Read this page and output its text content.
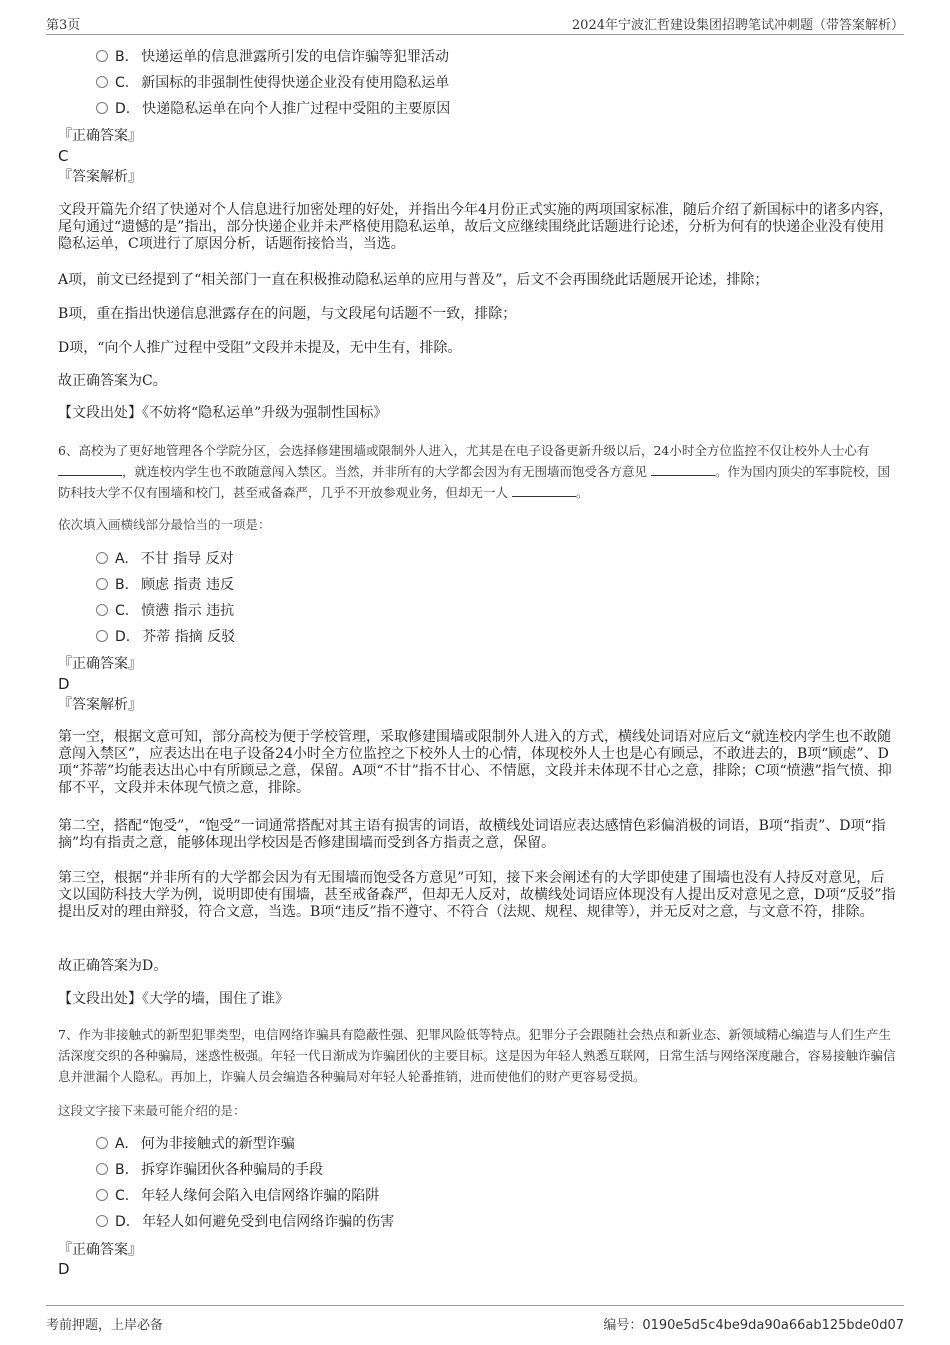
第3页	2024年宁波汇哲建设集团招聘笔试冲刺题（带答案解析）
B. 快递运单的信息泄露所引发的电信诈骗等犯罪活动
C. 新国标的非强制性使得快递企业没有使用隐私运单
D. 快递隐私运单在向个人推广过程中受阻的主要原因
『正确答案』
C
『答案解析』

文段开篇先介绍了快递对个人信息进行加密处理的好处，并指出今年4月份正式实施的两项国家标准，随后介绍了新国标中的诸多内容，尾句通过“遗憾的是”指出，部分快递企业并未严格使用隐私运单，故后文应继续围绕此话题进行论述，分析为何有的快递企业没有使用隐私运单，C项进行了原因分析，话题衔接恰当，当选。

A项，前文已经提到了“相关部门一直在积极推动隐私运单的应用与普及”，后文不会再围绕此话题展开论述，排除；

B项，重在指出快递信息泄露存在的问题，与文段尾句话题不一致，排除；

D项，“向个人推广过程中受阻”文段并未提及，无中生有，排除。

故正确答案为C。

【文段出处】《不妨将“隐私运单”升级为强制性国标》

6、高校为了更好地管理各个学院分区，会选择修建围墙或限制外人进入，尤其是在电子设备更新升级以后，24小时全方位监控不仅让校外人士心有 ，就连校内学生也不敢随意闯入禁区。当然，并非所有的大学都会因为有无围墙而饱受各方意见	。作为国内顶尖的军事院校，国防科技大学不仅有围墙和校门，甚至戒备森严，几乎不开放参观业务，但却无一人	。

依次填入画横线部分最恰当的一项是：
A. 不甘 指导 反对
B. 顾虑 指责 违反
C. 愤懑 指示 违抗
D. 芥蒂 指摘 反驳
『正确答案』
D
『答案解析』

第一空，根据文意可知，部分高校为便于学校管理，采取修建围墙或限制外人进入的方式，横线处词语对应后文“就连校内学生也不敢随意闯入禁区”，应表达出在电子设备24小时全方位监控之下校外人士的心情，体现校外人士也是心有顾忌，不敢进去的，B项“顾虑”、D项“芥蒂”均能表达出心中有所顾忌之意，保留。A项“不甘”指不甘心、不情愿，文段并未体现不甘心之意，排除；C项“愤懑”指气愤、抑郁不平，文段并未体现气愤之意，排除。

第二空，搭配“饱受”，“饱受”一词通常搭配对其主语有损害的词语，故横线处词语应表达感情色彩偏消极的词语，B项“指责”、D项“指摘”均有指责之意，能够体现出学校因是否修建围墙而受到各方指责之意，保留。

第三空，根据“并非所有的大学都会因为有无围墙而饱受各方意见”可知，接下来会阐述有的大学即使建了围墙也没有人持反对意见，后文以国防科技大学为例，说明即使有围墙，甚至戒备森严，但却无人反对，故横线处词语应体现没有人提出反对意见之意，D项“反驳”指提出反对的理由辩驳，符合文意，当选。B项“违反”指不遵守、不符合（法规、规程、规律等），并无反对之意，与文意不符，排除。

故正确答案为D。

【文段出处】《大学的墙，围住了谁》

7、作为非接触式的新型犯罪类型，电信网络诈骗具有隐蔽性强、犯罪风险低等特点。犯罪分子会跟随社会热点和新业态、新领域精心编造与人们生产生活深度交织的各种骗局，迷惑性极强。年轻一代日渐成为诈骗团伙的主要目标。这是因为年轻人熟悉互联网，日常生活与网络深度融合，容易接触诈骗信息并泄漏个人隐私。再加上，诈骗人员会编造各种骗局对年轻人轮番推销，进而使他们的财产更容易受损。

这段文字接下来最可能介绍的是：
A. 何为非接触式的新型诈骗
B. 拆穿诈骗团伙各种骗局的手段
C. 年轻人缘何会陷入电信网络诈骗的陷阱
D. 年轻人如何避免受到电信网络诈骗的伤害
『正确答案』
D
考前押题，上岸必备	编号：0190e5d5c4be9da90a66ab125bde0d07
